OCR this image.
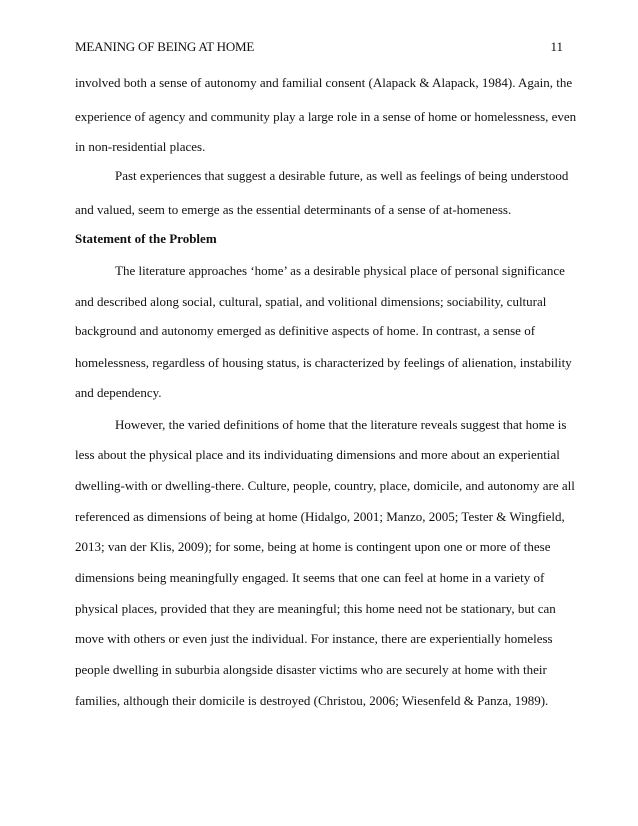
MEANING OF BEING AT HOME	11
involved both a sense of autonomy and familial consent (Alapack & Alapack, 1984). Again, the
experience of agency and community play a large role in a sense of home or homelessness, even
in non-residential places.
Past experiences that suggest a desirable future, as well as feelings of being understood
and valued, seem to emerge as the essential determinants of a sense of at-homeness.
Statement of the Problem
The literature approaches ‘home’ as a desirable physical place of personal significance
and described along social, cultural, spatial, and volitional dimensions; sociability, cultural
background and autonomy emerged as definitive aspects of home. In contrast, a sense of
homelessness, regardless of housing status, is characterized by feelings of alienation, instability
and dependency.
However, the varied definitions of home that the literature reveals suggest that home is
less about the physical place and its individuating dimensions and more about an experiential
dwelling-with or dwelling-there. Culture, people, country, place, domicile, and autonomy are all
referenced as dimensions of being at home (Hidalgo, 2001; Manzo, 2005; Tester & Wingfield,
2013; van der Klis, 2009); for some, being at home is contingent upon one or more of these
dimensions being meaningfully engaged. It seems that one can feel at home in a variety of
physical places, provided that they are meaningful; this home need not be stationary, but can
move with others or even just the individual. For instance, there are experientially homeless
people dwelling in suburbia alongside disaster victims who are securely at home with their
families, although their domicile is destroyed (Christou, 2006; Wiesenfeld & Panza, 1989).
